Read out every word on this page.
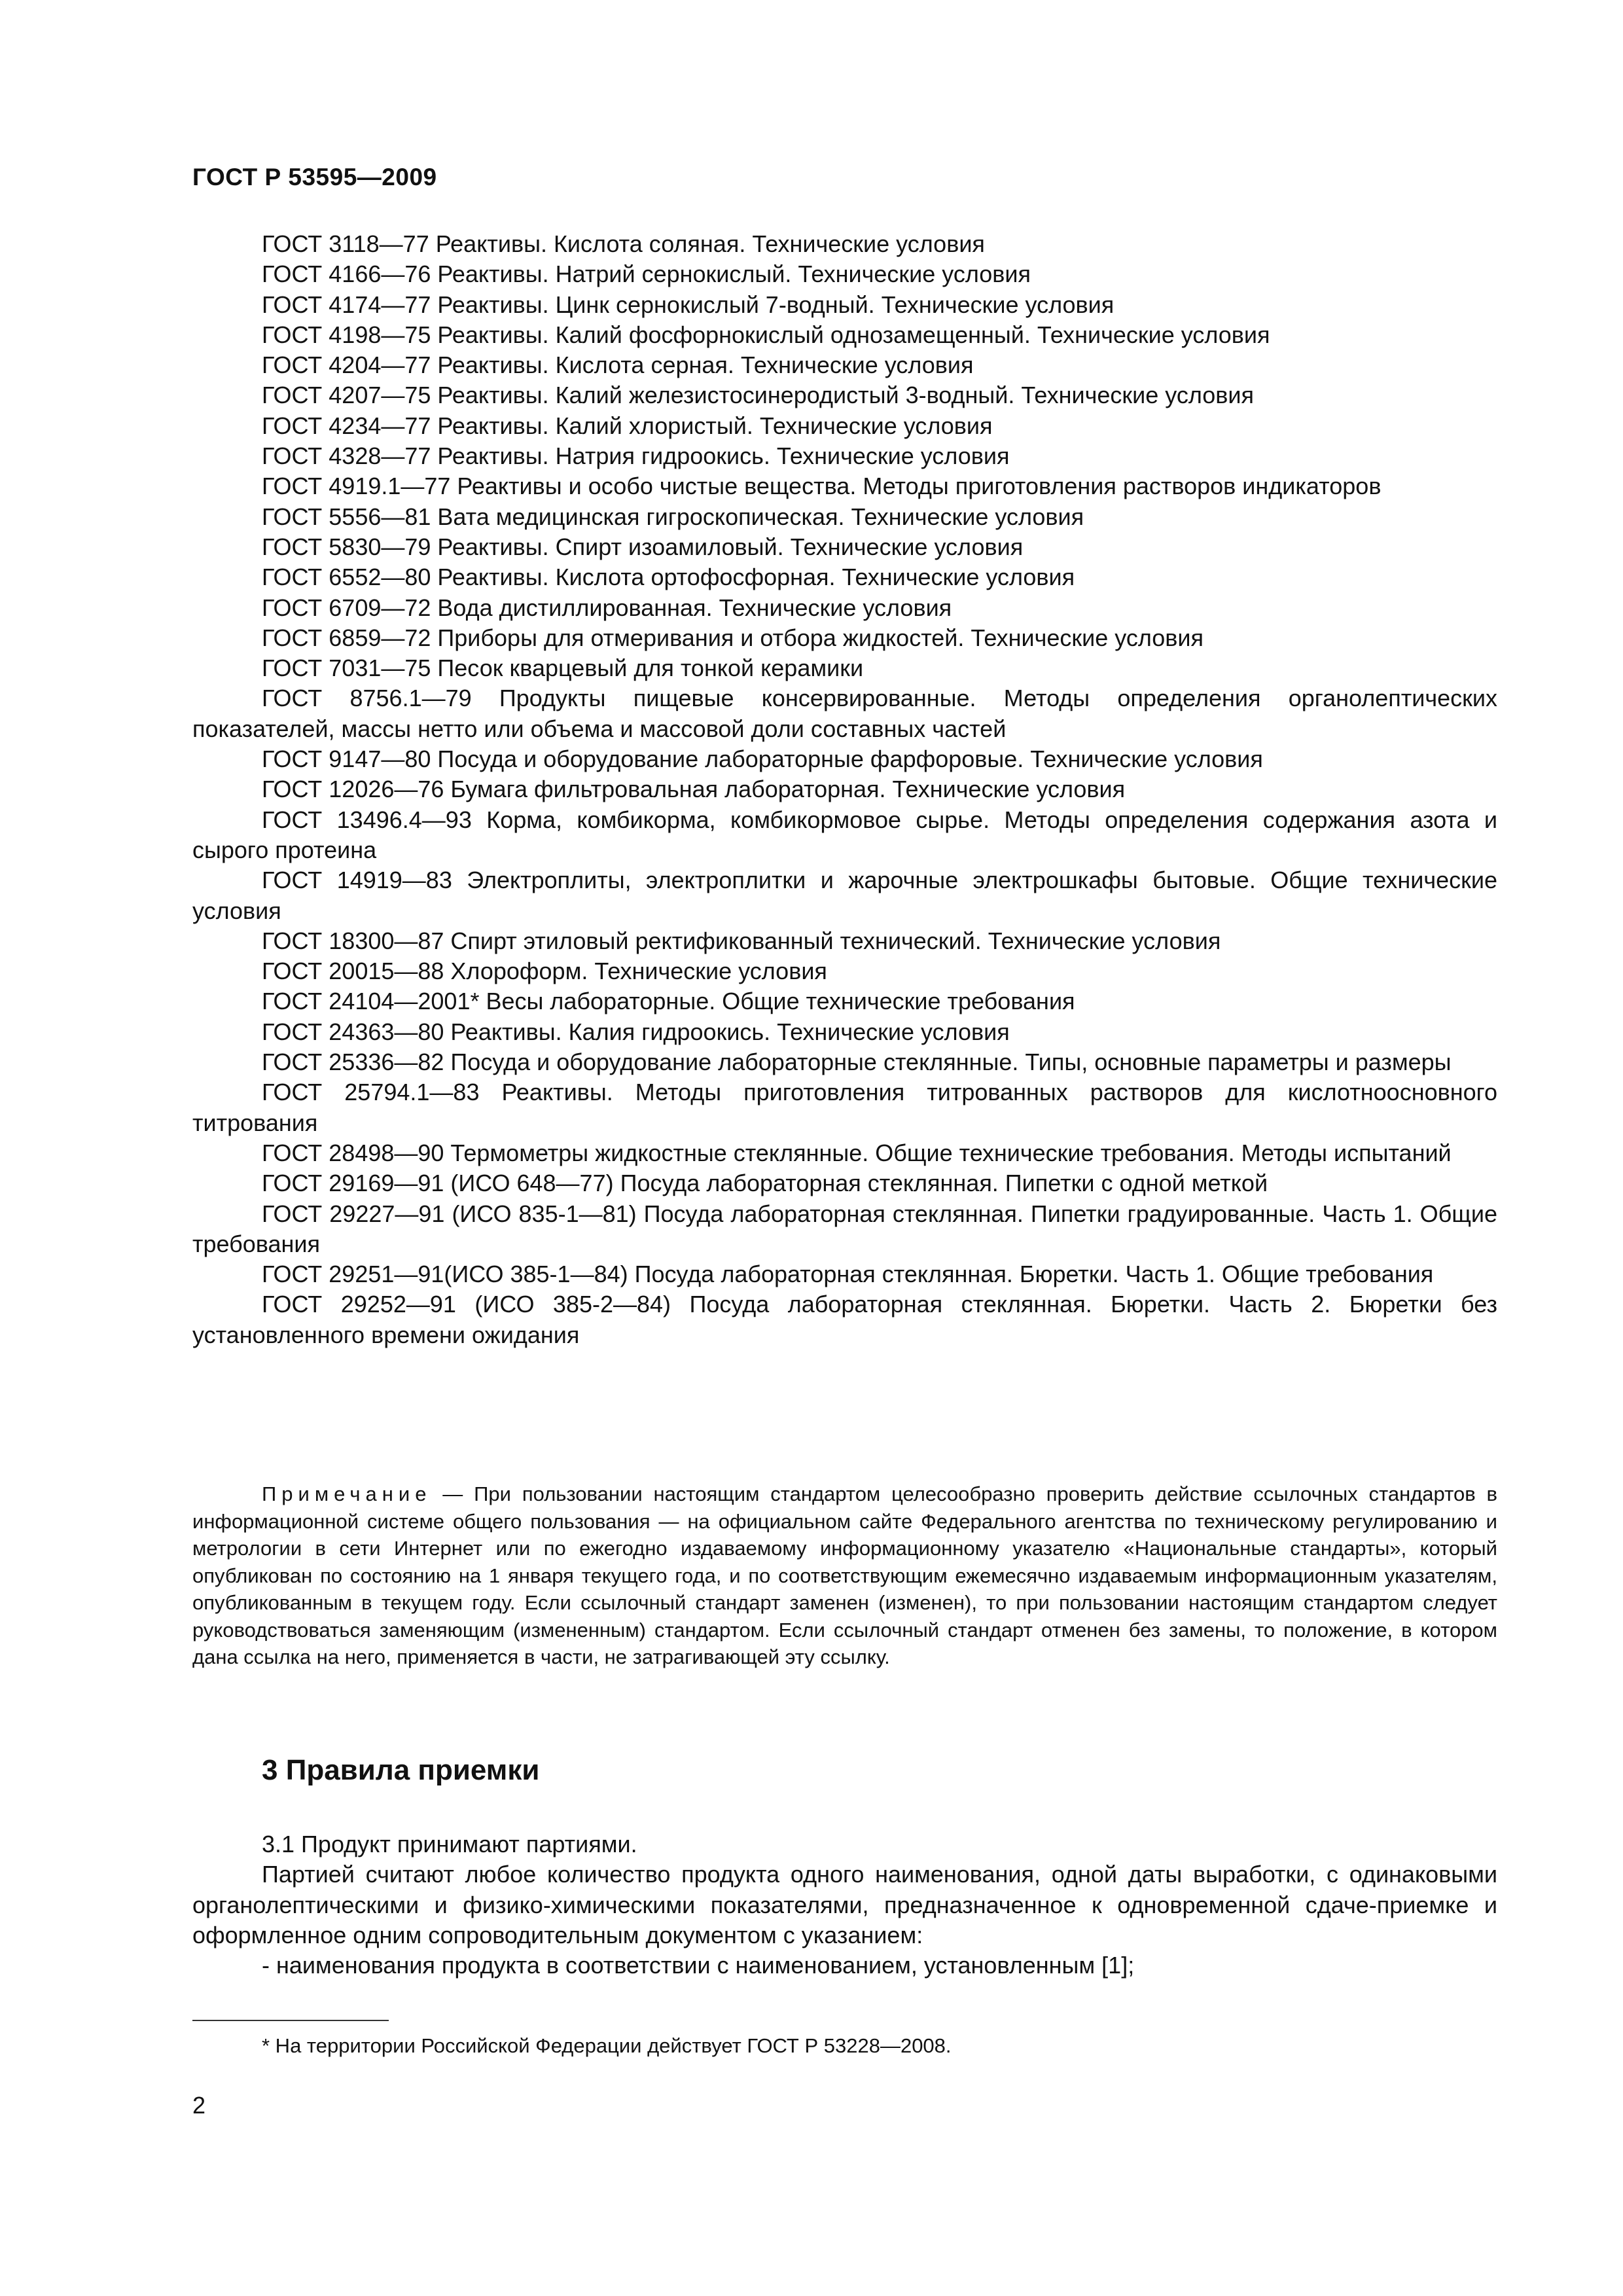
ГОСТ Р 53595—2009
ГОСТ 3118—77 Реактивы. Кислота соляная. Технические условия
ГОСТ 4166—76 Реактивы. Натрий сернокислый. Технические условия
ГОСТ 4174—77 Реактивы. Цинк сернокислый 7-водный. Технические условия
ГОСТ 4198—75 Реактивы. Калий фосфорнокислый однозамещенный. Технические условия
ГОСТ 4204—77 Реактивы. Кислота серная. Технические условия
ГОСТ 4207—75 Реактивы. Калий железистосинеродистый 3-водный. Технические условия
ГОСТ 4234—77 Реактивы. Калий хлористый. Технические условия
ГОСТ 4328—77 Реактивы. Натрия гидроокись. Технические условия
ГОСТ 4919.1—77 Реактивы и особо чистые вещества. Методы приготовления растворов индикаторов
ГОСТ 5556—81 Вата медицинская гигроскопическая. Технические условия
ГОСТ 5830—79 Реактивы. Спирт изоамиловый. Технические условия
ГОСТ 6552—80 Реактивы. Кислота ортофосфорная. Технические условия
ГОСТ 6709—72 Вода дистиллированная. Технические условия
ГОСТ 6859—72 Приборы для отмеривания и отбора жидкостей. Технические условия
ГОСТ 7031—75 Песок кварцевый для тонкой керамики
ГОСТ 8756.1—79 Продукты пищевые консервированные. Методы определения органолептических показателей, массы нетто или объема и массовой доли составных частей
ГОСТ 9147—80 Посуда и оборудование лабораторные фарфоровые. Технические условия
ГОСТ 12026—76 Бумага фильтровальная лабораторная. Технические условия
ГОСТ 13496.4—93 Корма, комбикорма, комбикормовое сырье. Методы определения содержания азота и сырого протеина
ГОСТ 14919—83 Электроплиты, электроплитки и жарочные электрошкафы бытовые. Общие технические условия
ГОСТ 18300—87 Спирт этиловый ректификованный технический. Технические условия
ГОСТ 20015—88 Хлороформ. Технические условия
ГОСТ 24104—2001* Весы лабораторные. Общие технические требования
ГОСТ 24363—80 Реактивы. Калия гидроокись. Технические условия
ГОСТ 25336—82 Посуда и оборудование лабораторные стеклянные. Типы, основные параметры и размеры
ГОСТ 25794.1—83 Реактивы. Методы приготовления титрованных растворов для кислотноосновного титрования
ГОСТ 28498—90 Термометры жидкостные стеклянные. Общие технические требования. Методы испытаний
ГОСТ 29169—91 (ИСО 648—77) Посуда лабораторная стеклянная. Пипетки с одной меткой
ГОСТ 29227—91 (ИСО 835-1—81) Посуда лабораторная стеклянная. Пипетки градуированные. Часть 1. Общие требования
ГОСТ 29251—91(ИСО 385-1—84) Посуда лабораторная стеклянная. Бюретки. Часть 1. Общие требования
ГОСТ 29252—91 (ИСО 385-2—84) Посуда лабораторная стеклянная. Бюретки. Часть 2. Бюретки без установленного времени ожидания
Примечание — При пользовании настоящим стандартом целесообразно проверить действие ссылочных стандартов в информационной системе общего пользования — на официальном сайте Федерального агентства по техническому регулированию и метрологии в сети Интернет или по ежегодно издаваемому информационному указателю «Национальные стандарты», который опубликован по состоянию на 1 января текущего года, и по соответствующим ежемесячно издаваемым информационным указателям, опубликованным в текущем году. Если ссылочный стандарт заменен (изменен), то при пользовании настоящим стандартом следует руководствоваться заменяющим (измененным) стандартом. Если ссылочный стандарт отменен без замены, то положение, в котором дана ссылка на него, применяется в части, не затрагивающей эту ссылку.
3 Правила приемки
3.1 Продукт принимают партиями.
Партией считают любое количество продукта одного наименования, одной даты выработки, с одинаковыми органолептическими и физико-химическими показателями, предназначенное к одновременной сдаче-приемке и оформленное одним сопроводительным документом с указанием:
- наименования продукта в соответствии с наименованием, установленным [1];
* На территории Российской Федерации действует ГОСТ Р 53228—2008.
2
